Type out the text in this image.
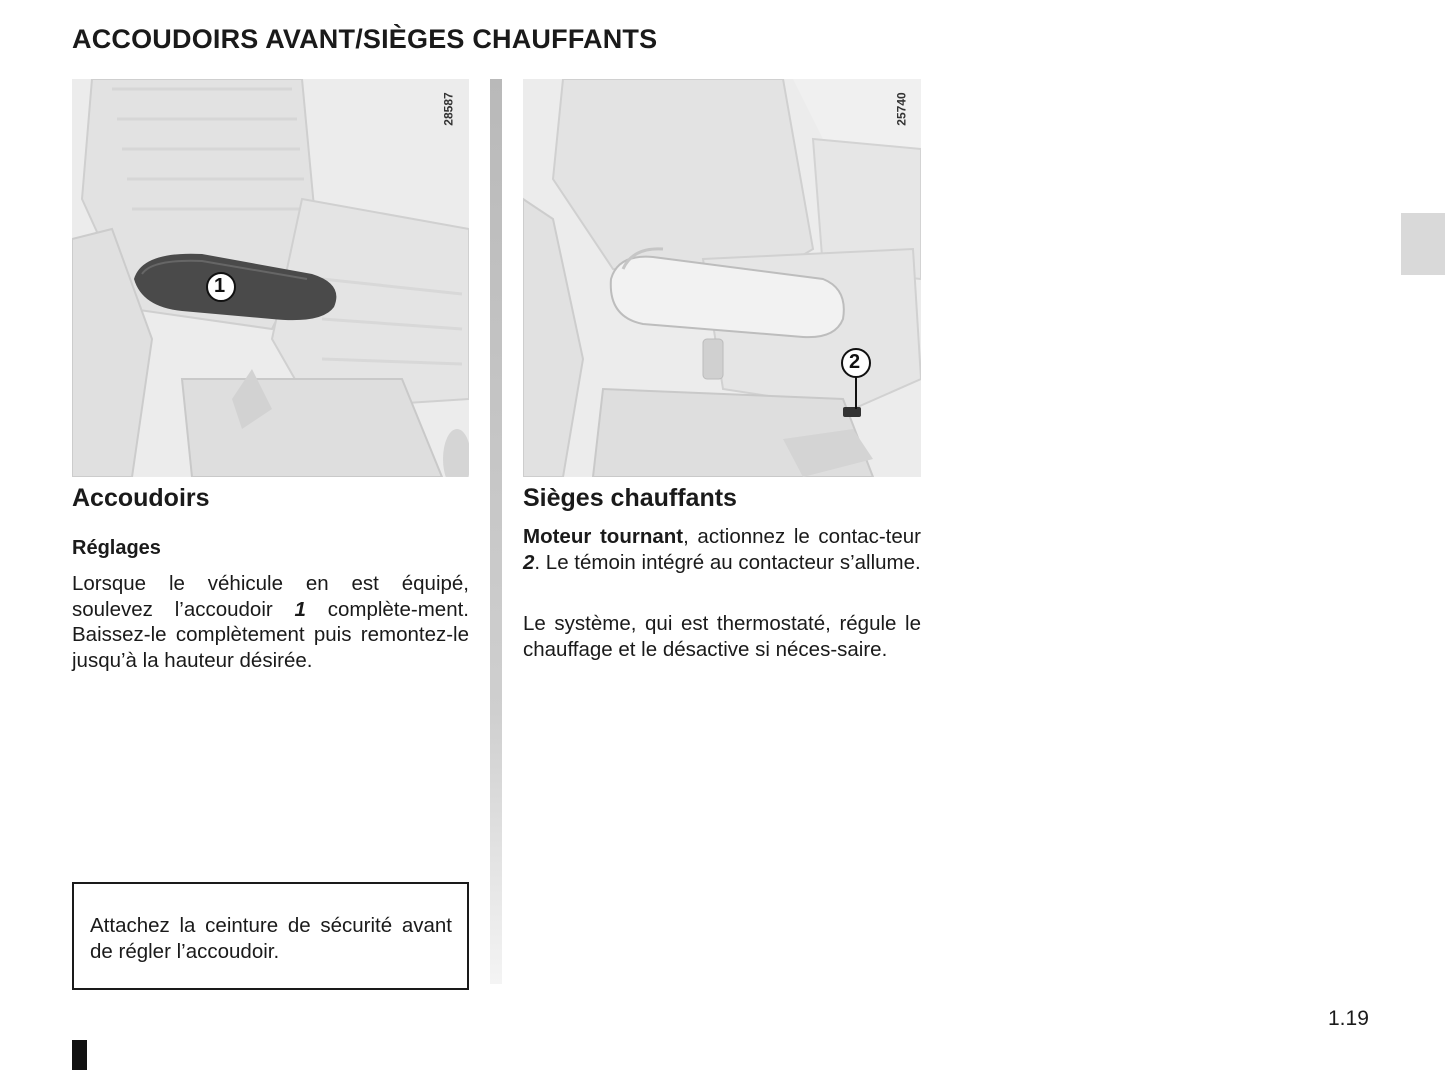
ACCOUDOIRS AVANT/SIÈGES CHAUFFANTS
28587
1
25740
2
Accoudoirs
Réglages

Lorsque le véhicule en est équipé, soulevez l’accoudoir 1 complète-ment. Baissez-le complètement puis remontez-le jusqu’à la hauteur désirée.

Attachez la ceinture de sécurité avant de régler l’accoudoir.

Sièges chauffants

Moteur tournant, actionnez le contac-teur 2. Le témoin intégré au contacteur s’allume.

Le système, qui est thermostaté, régule le chauffage et le désactive si néces-saire.

1.19
